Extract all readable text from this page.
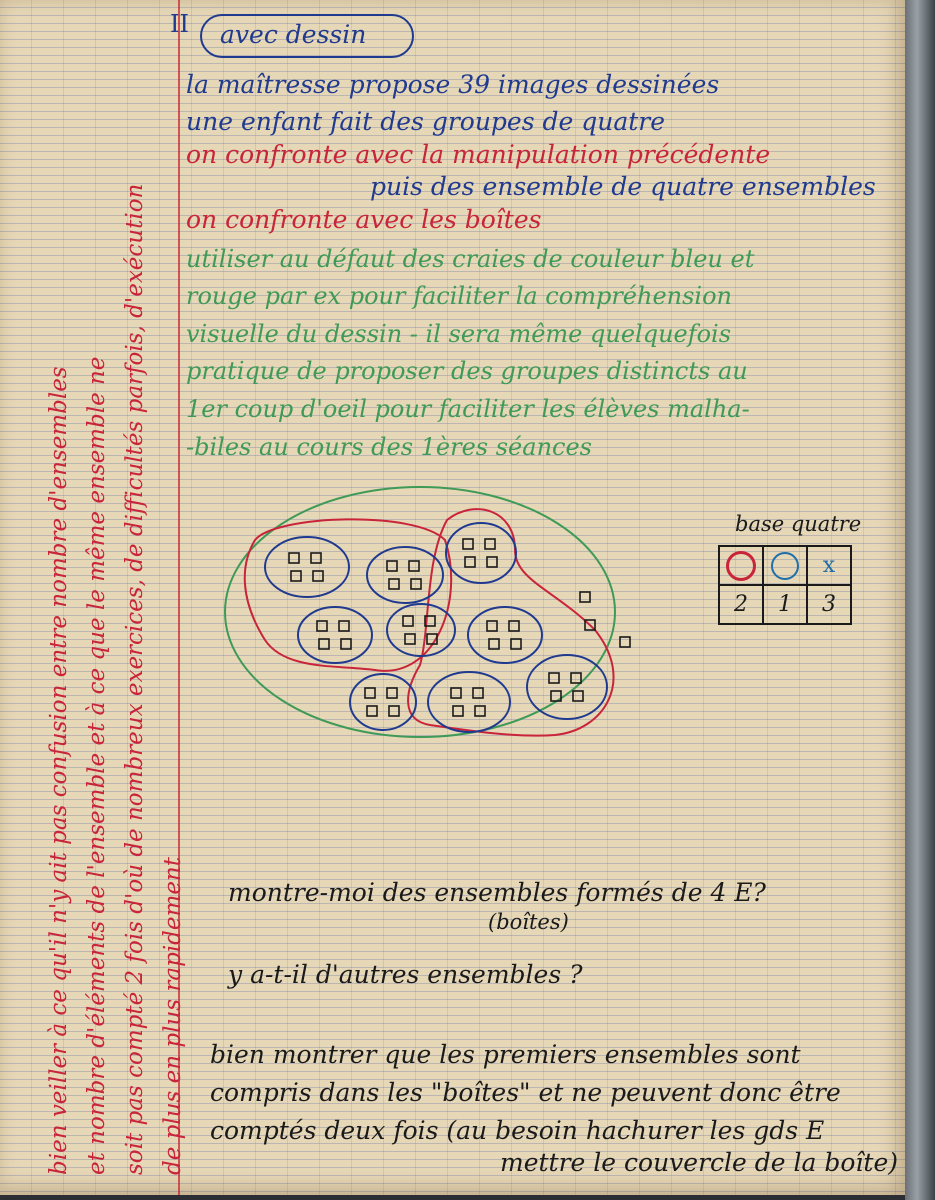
II avec dessin
la maîtresse propose 39 images dessinées
une enfant fait des groupes de quatre
on confronte avec la manipulation précédente
puis des ensemble de quatre ensembles
on confronte avec les boîtes
utiliser au défaut des craies de couleur bleu et
rouge par ex pour faciliter la compréhension
visuelle du dessin - il sera même quelquefois
pratique de proposer des groupes distincts au
1er coup d'oeil pour faciliter les élèves malha-
-biles au cours des 1ères séances
bien veiller à ce qu'il n'y ait pas confusion entre nombre d'ensembles et nombre d'éléments de l'ensemble et à ce que le même ensemble ne soit pas compté 2 fois d'où de nombreux exercices, de difficultés parfois, d'exécution de plus en plus rapidement
base quatre
		x
2	1	3
montre-moi des ensembles formés de 4 E?
(boîtes)
y a-t-il d'autres ensembles ?
bien montrer que les premiers ensembles sont
compris dans les "boîtes" et ne peuvent donc être
comptés deux fois (au besoin hachurer les gds E
mettre le couvercle de la boîte)
